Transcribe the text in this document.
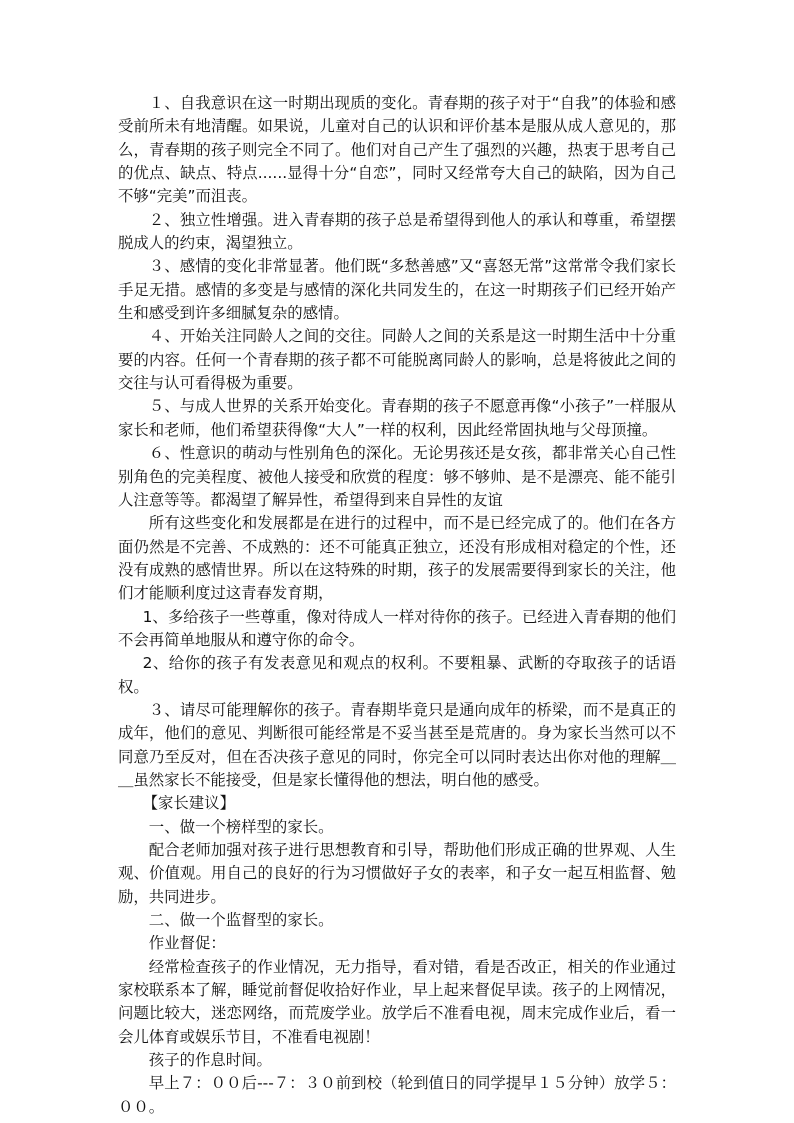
１、自我意识在这一时期出现质的变化。青春期的孩子对于“自我”的体验和感受前所未有地清醒。如果说，儿童对自己的认识和评价基本是服从成人意见的，那么，青春期的孩子则完全不同了。他们对自己产生了强烈的兴趣，热衷于思考自己的优点、缺点、特点......显得十分“自恋”，同时又经常夸大自己的缺陷，因为自己不够“完美”而沮丧。

２、独立性增强。进入青春期的孩子总是希望得到他人的承认和尊重，希望摆脱成人的约束，渴望独立。

３、感情的变化非常显著。他们既“多愁善感”又“喜怒无常”这常常令我们家长手足无措。感情的多变是与感情的深化共同发生的，在这一时期孩子们已经开始产生和感受到许多细腻复杂的感情。

４、开始关注同龄人之间的交往。同龄人之间的关系是这一时期生活中十分重要的内容。任何一个青春期的孩子都不可能脱离同龄人的影响，总是将彼此之间的交往与认可看得极为重要。

５、与成人世界的关系开始变化。青春期的孩子不愿意再像“小孩子”一样服从家长和老师，他们希望获得像“大人”一样的权利，因此经常固执地与父母顶撞。

６、性意识的萌动与性别角色的深化。无论男孩还是女孩，都非常关心自己性别角色的完美程度、被他人接受和欣赏的程度：够不够帅、是不是漂亮、能不能引人注意等等。都渴望了解异性，希望得到来自异性的友谊

所有这些变化和发展都是在进行的过程中，而不是已经完成了的。他们在各方面仍然是不完善、不成熟的：还不可能真正独立，还没有形成相对稳定的个性，还没有成熟的感情世界。所以在这特殊的时期，孩子的发展需要得到家长的关注，他们才能顺利度过这青春发育期，

1、多给孩子一些尊重，像对待成人一样对待你的孩子。已经进入青春期的他们不会再简单地服从和遵守你的命令。

2、给你的孩子有发表意见和观点的权利。不要粗暴、武断的夺取孩子的话语权。

３、请尽可能理解你的孩子。青春期毕竟只是通向成年的桥梁，而不是真正的成年，他们的意见、判断很可能经常是不妥当甚至是荒唐的。身为家长当然可以不同意乃至反对，但在否决孩子意见的同时，你完全可以同时表达出你对他的理解＿＿虽然家长不能接受，但是家长懂得他的想法，明白他的感受。

【家长建议】

一、做一个榜样型的家长。

配合老师加强对孩子进行思想教育和引导，帮助他们形成正确的世界观、人生观、价值观。用自己的良好的行为习惯做好子女的表率，和子女一起互相监督、勉励，共同进步。

二、做一个监督型的家长。

作业督促：

经常检查孩子的作业情况，无力指导，看对错，看是否改正，相关的作业通过家校联系本了解，睡觉前督促收拾好作业，早上起来督促早读。孩子的上网情况，问题比较大，迷恋网络，而荒废学业。放学后不准看电视，周末完成作业后，看一会儿体育或娱乐节目，不准看电视剧！

孩子的作息时间。

早上７：００后---７：３０前到校（轮到值日的同学提早１５分钟）放学５：００。
